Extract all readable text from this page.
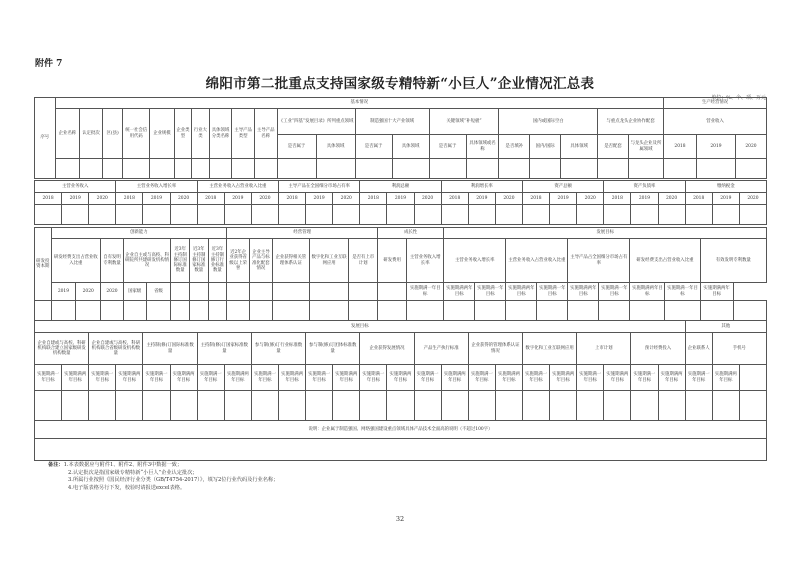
附件 7
绵阳市第二批重点支持国家级专精特新“小巨人”企业情况汇总表
单位：%、个、项、万元
序号	基本情况																					生产经营情况		
	企业名称	认定批次	区(县)	统一社会信用代码	企业规模	企业类型	行业大类	具体领域分类名称	主导产品类型	主导产品名称	《工业“四基”发展目录》所列重点领域		制造强国十大产业领域		关键领域“补短板”		国内或国际空白			与重点龙头企业协作配套		营业收入		
											是否属于	具体领域	是否属于	具体领域	是否属于	具体领域或名称	是否填补	国内/国际	具体领域	是否配套	与龙头企业及所属领域	2018	2019	2020

主营业务收入			主营业务收入增长率			主营业务收入占营业收入比重			主导产品在全国细分市场占有率			利润总额			利润增长率			资产总额			资产负债率			缴纳税金		
2018	2019	2020	2018	2019	2020	2018	2019	2020	2018	2019	2020	2018	2019	2020	2018	2019	2020	2018	2019	2020	2018	2019	2020	2018	2019	2020

研发投资本期	创新能力								经营管理					成长性		发展目标									
	研发经费支出占营业收入比重		自有发明专利数量	企业自主或与高校、科研院所共建研发机构情况		近3年主持制修订国际标准数量	近3年主持制修订国家标准数量	近3年主持制修订行业标准数量	近2年企业获得省级以上荣誉	企业主导产品与标准化配套情况	企业获得相关管理体系认证	数字化和工业互联网应用	是否有上市计划	研发费用	主营业务收入增长率	主营业务收入增长率		主营业务收入占营业收入比重		主导产品占全国细分市场占有率		研发经费支出占营业收入比重		有效发明专利数量	
	2019	2020	2020	国家级	省级										实施期满一年目标	实施期满两年目标	实施期满一年目标	实施期满两年目标	实施期满一年目标	实施期满两年目标	实施期满一年目标	实施期满两年目标	实施期满一年目标	实施期满两年目标	

发展目标																								其他		
企业自建或与高校、科研机构联合建立国家级研发机构数量		企业自建或与高校、科研机构联合省级研发机构数量		主持制(修)订国际标准数量		主持制(修)订国家标准数量		参与制(修)订行业标准数量		参与制(修)订团体标准数量		企业获得发展情况		产品生产执行标准		企业获得的管理体系认证情况		数字化和工业互联网应用		上市计划		预计经费投入		企业联系人	手机号	
实施期满一年目标	实施期满两年目标	实施期满一年目标	实施期满两年目标	实施期满一年目标	实施期满两年目标	实施期满一年目标	实施期满两年目标	实施期满一年目标	实施期满两年目标	实施期满一年目标	实施期满两年目标	实施期满一年目标	实施期满两年目标	实施期满一年目标	实施期满两年目标	实施期满一年目标	实施期满两年目标	实施期满一年目标	实施期满两年目标	实施期满一年目标	实施期满两年目标	实施期满一年目标	实施期满两年目标	实施期满一年目标	实施期满两年目标	

说明：企业属于制造强国、网络强国建设重点领域具体产品技术全面高的说明（不超过100字）																										

备注：1.本表数据应与附件1、附件2、附件3中数据一致；
2.认定批次是指国家级专精特新“小巨人”企业认定批次；
3.所属行业按照《国民经济行业分类（GB/T4754-2017）》，填写2位行业代码及行业名称；
4.电子版表格另行下发，校验时请报送excel表格。
32
